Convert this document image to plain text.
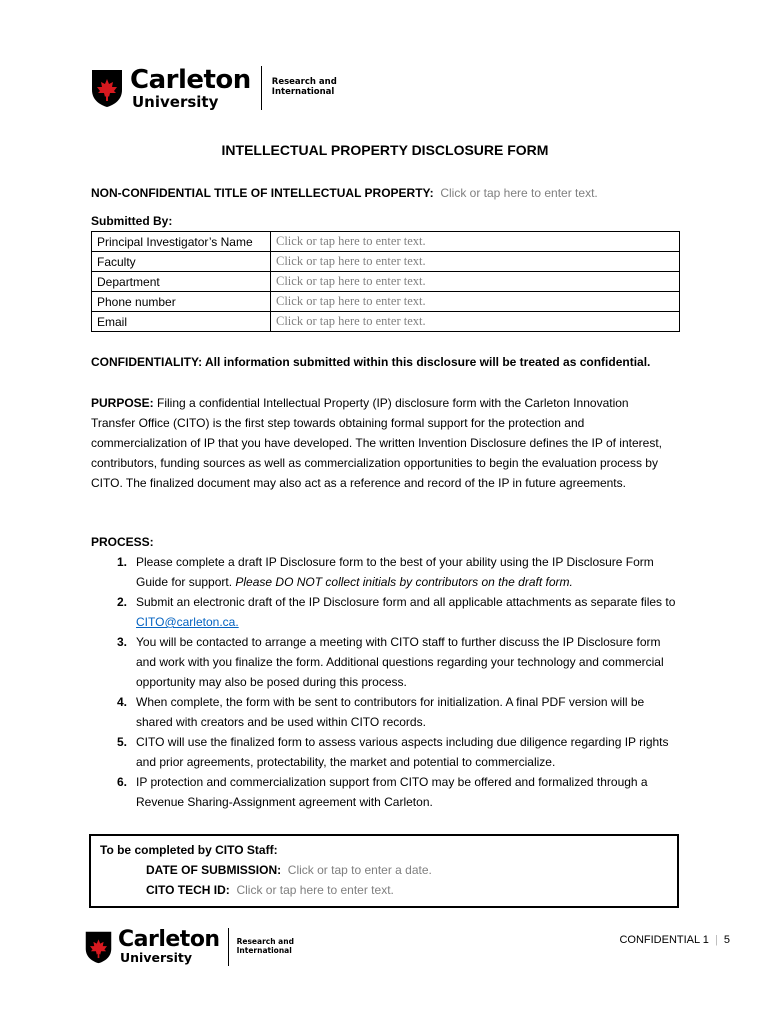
Carleton
University
Research and
International
INTELLECTUAL PROPERTY DISCLOSURE FORM
NON-CONFIDENTIAL TITLE OF INTELLECTUAL PROPERTY: Click or tap here to enter text.
Submitted By:
Principal Investigator’s Name	Click or tap here to enter text.
Faculty	Click or tap here to enter text.
Department	Click or tap here to enter text.
Phone number	Click or tap here to enter text.
Email	Click or tap here to enter text.
CONFIDENTIALITY: All information submitted within this disclosure will be treated as confidential.
PURPOSE: Filing a confidential Intellectual Property (IP) disclosure form with the Carleton Innovation Transfer Office (CITO) is the first step towards obtaining formal support for the protection and commercialization of IP that you have developed. The written Invention Disclosure defines the IP of interest, contributors, funding sources as well as commercialization opportunities to begin the evaluation process by CITO. The finalized document may also act as a reference and record of the IP in future agreements.
PROCESS:
1. Please complete a draft IP Disclosure form to the best of your ability using the IP Disclosure Form Guide for support. Please DO NOT collect initials by contributors on the draft form.
2. Submit an electronic draft of the IP Disclosure form and all applicable attachments as separate files to CITO@carleton.ca.
3. You will be contacted to arrange a meeting with CITO staff to further discuss the IP Disclosure form and work with you finalize the form. Additional questions regarding your technology and commercial opportunity may also be posed during this process.
4. When complete, the form with be sent to contributors for initialization. A final PDF version will be shared with creators and be used within CITO records.
5. CITO will use the finalized form to assess various aspects including due diligence regarding IP rights and prior agreements, protectability, the market and potential to commercialize.
6. IP protection and commercialization support from CITO may be offered and formalized through a Revenue Sharing-Assignment agreement with Carleton.
To be completed by CITO Staff:
DATE OF SUBMISSION: Click or tap to enter a date.
CITO TECH ID: Click or tap here to enter text.
Carleton
University
Research and
International
CONFIDENTIAL 1 | 5
